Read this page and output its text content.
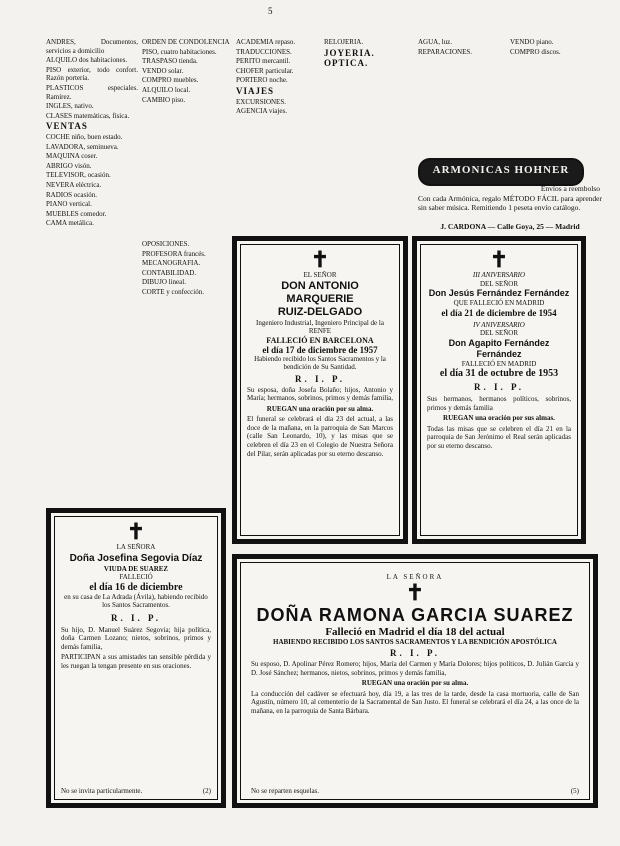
5

ANDRES, Documentos, servicios a domicilio

ALQUILO dos habitaciones.

PISO exterior, todo confort. Razón portería.

PLASTICOS especiales. Ramírez.

INGLES, nativo.

CLASES matemáticas, física.

VENTAS

COCHE niño, buen estado.

LAVADORA, seminueva.

MAQUINA coser.

ABRIGO visón.

TELEVISOR, ocasión.

NEVERA eléctrica.

RADIOS ocasión.

PIANO vertical.

MUEBLES comedor.

CAMA metálica.

ORDEN DE CONDOLENCIA

PISO, cuatro habitaciones.

TRASPASO tienda.

VENDO solar.

COMPRO muebles.

ALQUILO local.

CAMBIO piso.

ACADEMIA repaso.

TRADUCCIONES.

PERITO mercantil.

CHOFER particular.

PORTERO noche.

VIAJES

EXCURSIONES.

AGENCIA viajes.

RELOJERIA.

JOYERIA.

OPTICA.

AGUA, luz.

REPARACIONES.

VENDO piano.

COMPRO discos.

OPOSICIONES.

PROFESORA francés.

MECANOGRAFIA.

CONTABILIDAD.

DIBUJO lineal.

CORTE y confección.

ARMONICAS HOHNER
Envíos a reembolso
Con cada Armónica, regalo MÉTODO FÁCIL para aprender sin saber música. Remitiendo 1 peseta envío catálogo.
J. CARDONA — Calle Goya, 25 — Madrid
✝
EL SEÑOR
DON ANTONIO MARQUERIE
RUIZ-DELGADO
Ingeniero Industrial, Ingeniero Principal de la RENFE
FALLECIÓ EN BARCELONA
el día 17 de diciembre de 1957
Habiendo recibido los Santos Sacramentos y la bendición de Su Santidad.
R. I. P.
Su esposa, doña Josefa Bolaño; hijos, Antonio y María; hermanos, sobrinos, primos y demás familia,
RUEGAN una oración por su alma.
El funeral se celebrará el día 23 del actual, a las doce de la mañana, en la parroquia de San Marcos (calle San Leonardo, 10), y las misas que se celebren el día 23 en el Colegio de Nuestra Señora del Pilar, serán aplicadas por su eterno descanso.
✝
III ANIVERSARIO
DEL SEÑOR
Don Jesús Fernández Fernández
QUE FALLECIÓ EN MADRID
el día 21 de diciembre de 1954
IV ANIVERSARIO
DEL SEÑOR
Don Agapito Fernández Fernández
FALLECIÓ EN MADRID
el día 31 de octubre de 1953
R. I. P.
Sus hermanos, hermanos políticos, sobrinos, primos y demás familia
RUEGAN una oración por sus almas.
Todas las misas que se celebren el día 21 en la parroquia de San Jerónimo el Real serán aplicadas por su eterno descanso.
✝
LA SEÑORA
Doña Josefina Segovia Díaz
VIUDA DE SUAREZ
FALLECIÓ
el día 16 de diciembre
en su casa de La Adrada (Ávila), habiendo recibido los Santos Sacramentos.
R. I. P.
Su hijo, D. Manuel Suárez Segovia; hija política, doña Carmen Lozano; nietos, sobrinos, primos y demás familia,
PARTICIPAN a sus amistades tan sensible pérdida y les ruegan la tengan presente en sus oraciones.
No se invita particularmente.	(2)
LA SEÑORA
✝
DOÑA RAMONA GARCIA SUAREZ
Falleció en Madrid el día 18 del actual
HABIENDO RECIBIDO LOS SANTOS SACRAMENTOS Y LA BENDICIÓN APOSTÓLICA
R. I. P.
Su esposo, D. Apolinar Pérez Romero; hijos, María del Carmen y María Dolores; hijos políticos, D. Julián García y D. José Sánchez; hermanos, nietos, sobrinos, primos y demás familia,
RUEGAN una oración por su alma.
La conducción del cadáver se efectuará hoy, día 19, a las tres de la tarde, desde la casa mortuoria, calle de San Agustín, número 10, al cementerio de la Sacramental de San Justo. El funeral se celebrará el día 24, a las once de la mañana, en la parroquia de Santa Bárbara.
No se reparten esquelas.	(5)
